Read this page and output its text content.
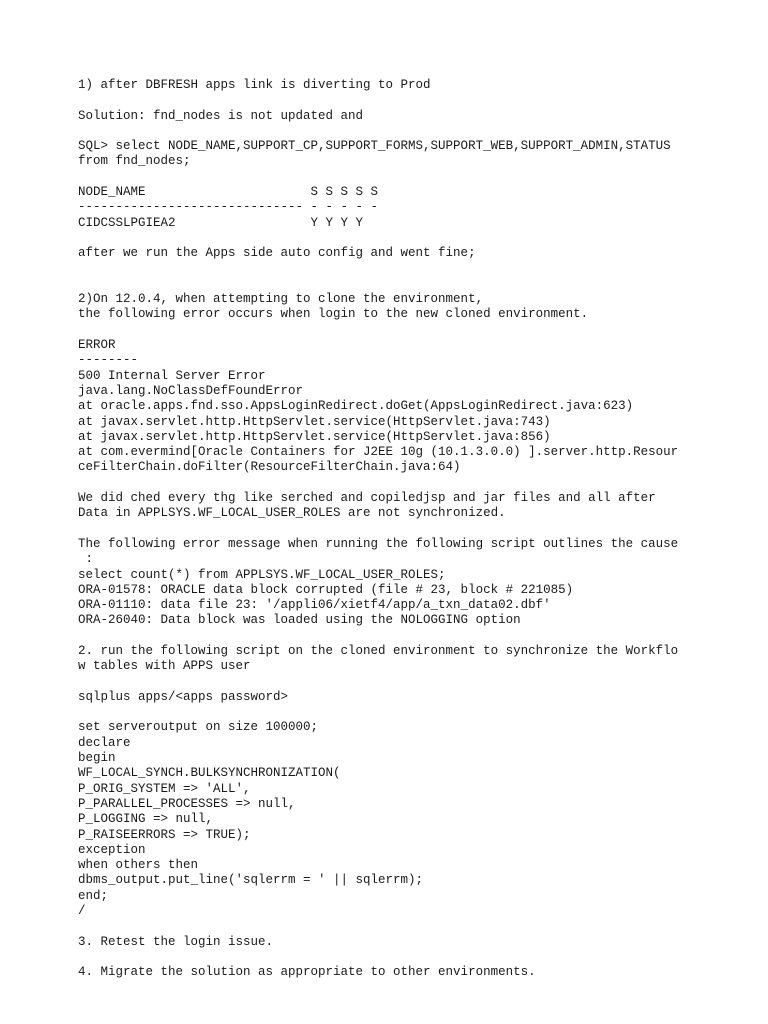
1) after DBFRESH apps link is diverting to Prod
Solution: fnd_nodes is not updated and
SQL> select NODE_NAME,SUPPORT_CP,SUPPORT_FORMS,SUPPORT_WEB,SUPPORT_ADMIN,STATUS
from fnd_nodes;
NODE_NAME                      S S S S S
------------------------------ - - - - -
CIDCSSLPGIEA2                  Y Y Y Y
after we run the Apps side auto config and went fine;
2)On 12.0.4, when attempting to clone the environment,
the following error occurs when login to the new cloned environment.
ERROR
--------
500 Internal Server Error
java.lang.NoClassDefFoundError
at oracle.apps.fnd.sso.AppsLoginRedirect.doGet(AppsLoginRedirect.java:623)
at javax.servlet.http.HttpServlet.service(HttpServlet.java:743)
at javax.servlet.http.HttpServlet.service(HttpServlet.java:856)
at com.evermind[Oracle Containers for J2EE 10g (10.1.3.0.0) ].server.http.Resour
ceFilterChain.doFilter(ResourceFilterChain.java:64)
We did ched every thg like serched and copiledjsp and jar files and all after
Data in APPLSYS.WF_LOCAL_USER_ROLES are not synchronized.
The following error message when running the following script outlines the cause
:
select count(*) from APPLSYS.WF_LOCAL_USER_ROLES;
ORA-01578: ORACLE data block corrupted (file # 23, block # 221085)
ORA-01110: data file 23: '/appli06/xietf4/app/a_txn_data02.dbf'
ORA-26040: Data block was loaded using the NOLOGGING option
2. run the following script on the cloned environment to synchronize the Workflo
w tables with APPS user
sqlplus apps/<apps password>
set serveroutput on size 100000;
declare
begin
WF_LOCAL_SYNCH.BULKSYNCHRONIZATION(
P_ORIG_SYSTEM => 'ALL',
P_PARALLEL_PROCESSES => null,
P_LOGGING => null,
P_RAISEERRORS => TRUE);
exception
when others then
dbms_output.put_line('sqlerrm = ' || sqlerrm);
end;
/
3. Retest the login issue.
4. Migrate the solution as appropriate to other environments.
